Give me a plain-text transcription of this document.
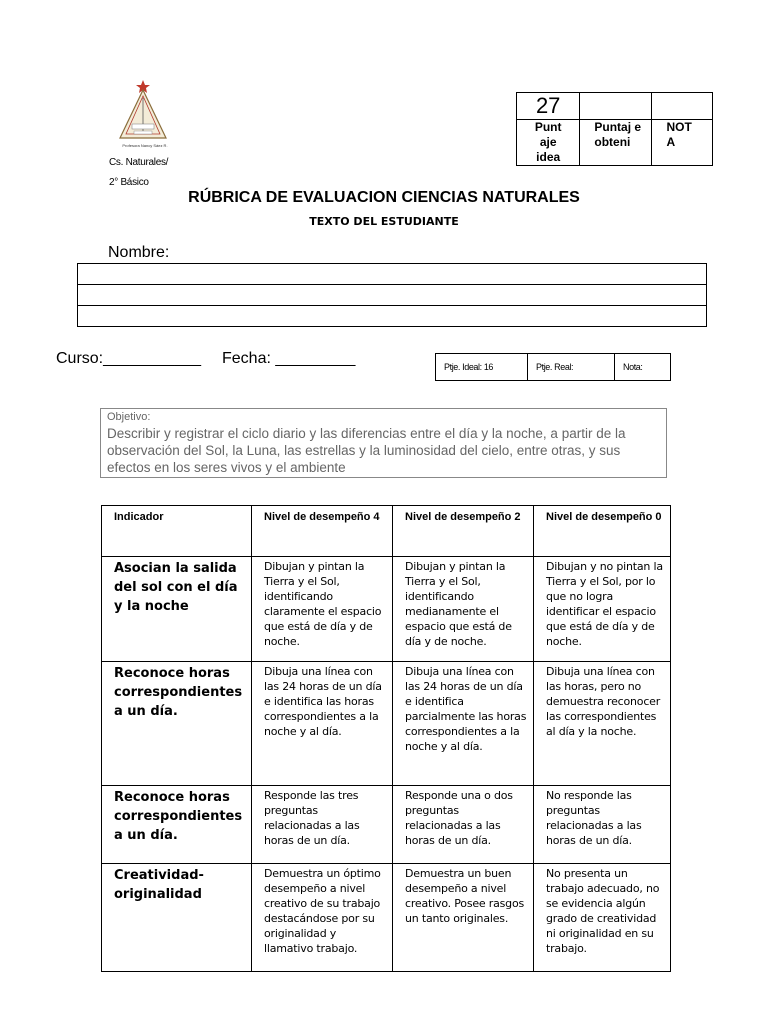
Profesora Nancy Sáez R.
Cs. Naturales/
2° Básico
27		
Punt aje idea	Puntaj e obteni	NOT A
RÚBRICA DE EVALUACION CIENCIAS NATURALES
TEXTO DEL ESTUDIANTE
Nombre:
Curso:___________ Fecha: _________	Ptje. Ideal: 16	Ptje. Real:	Nota:
Objetivo:
Describir y registrar el ciclo diario y las diferencias entre el día y la noche, a partir de la observación del Sol, la Luna, las estrellas y la luminosidad del cielo, entre otras, y sus efectos en los seres vivos y el ambiente
Indicador	Nivel de desempeño 4	Nivel de desempeño 2	Nivel de desempeño 0
Asocian la salida del sol con el día y la noche	Dibujan y pintan la Tierra y el Sol, identificando claramente el espacio que está de día y de noche.	Dibujan y pintan la Tierra y el Sol, identificando medianamente el espacio que está de día y de noche.	Dibujan y no pintan la Tierra y el Sol, por lo que no logra identificar el espacio que está de día y de noche.
Reconoce horas correspondientes a un día.	Dibuja una línea con las 24 horas de un día e identifica las horas correspondientes a la noche y al día.	Dibuja una línea con las 24 horas de un día e identifica parcialmente las horas correspondientes a la noche y al día.	Dibuja una línea con las horas, pero no demuestra reconocer las correspondientes al día y la noche.
Reconoce horas correspondientes a un día.	Responde las tres preguntas relacionadas a las horas de un día.	Responde una o dos preguntas relacionadas a las horas de un día.	No responde las preguntas relacionadas a las horas de un día.
Creatividad-originalidad	Demuestra un óptimo desempeño a nivel creativo de su trabajo destacándose por su originalidad y llamativo trabajo.	Demuestra un buen desempeño a nivel creativo. Posee rasgos un tanto originales.	No presenta un trabajo adecuado, no se evidencia algún grado de creatividad ni originalidad en su trabajo.
